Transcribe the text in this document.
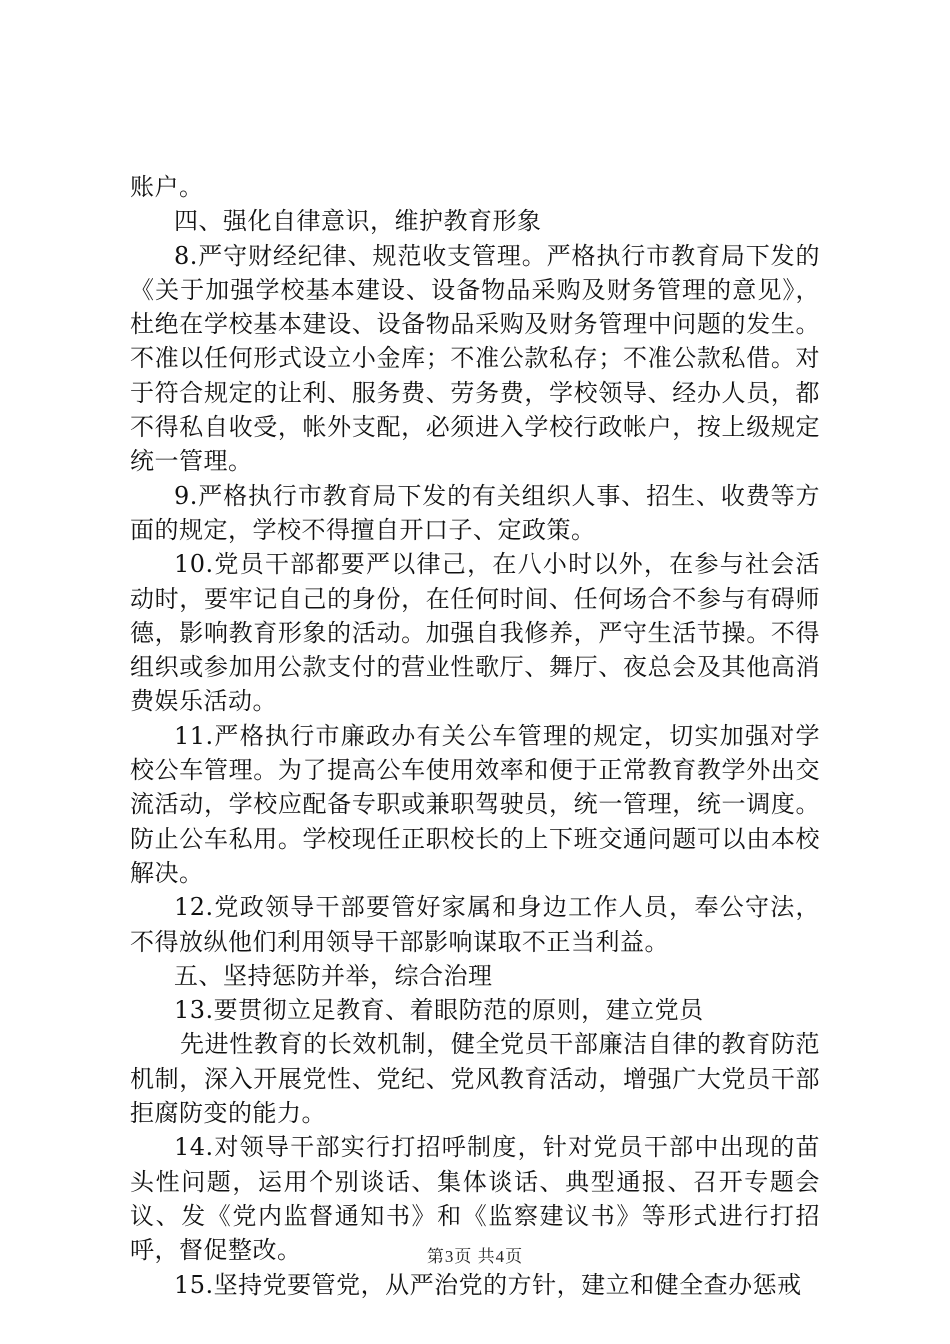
账户。

四、强化自律意识，维护教育形象

8.严守财经纪律、规范收支管理。严格执行市教育局下发的《关于加强学校基本建设、设备物品采购及财务管理的意见》，杜绝在学校基本建设、设备物品采购及财务管理中问题的发生。不准以任何形式设立小金库；不准公款私存；不准公款私借。对于符合规定的让利、服务费、劳务费，学校领导、经办人员，都不得私自收受，帐外支配，必须进入学校行政帐户，按上级规定统一管理。

9.严格执行市教育局下发的有关组织人事、招生、收费等方面的规定，学校不得擅自开口子、定政策。

10.党员干部都要严以律己，在八小时以外，在参与社会活动时，要牢记自己的身份，在任何时间、任何场合不参与有碍师德，影响教育形象的活动。加强自我修养，严守生活节操。不得组织或参加用公款支付的营业性歌厅、舞厅、夜总会及其他高消费娱乐活动。

11.严格执行市廉政办有关公车管理的规定，切实加强对学校公车管理。为了提高公车使用效率和便于正常教育教学外出交流活动，学校应配备专职或兼职驾驶员，统一管理，统一调度。防止公车私用。学校现任正职校长的上下班交通问题可以由本校解决。

12.党政领导干部要管好家属和身边工作人员，奉公守法，不得放纵他们利用领导干部影响谋取不正当利益。

五、坚持惩防并举，综合治理

13.要贯彻立足教育、着眼防范的原则，建立党员

先进性教育的长效机制，健全党员干部廉洁自律的教育防范机制，深入开展党性、党纪、党风教育活动，增强广大党员干部拒腐防变的能力。

14.对领导干部实行打招呼制度，针对党员干部中出现的苗头性问题，运用个别谈话、集体谈话、典型通报、召开专题会议、发《党内监督通知书》和《监察建议书》等形式进行打招呼，督促整改。

15.坚持党要管党，从严治党的方针，建立和健全查办惩戒

第3页 共4页
